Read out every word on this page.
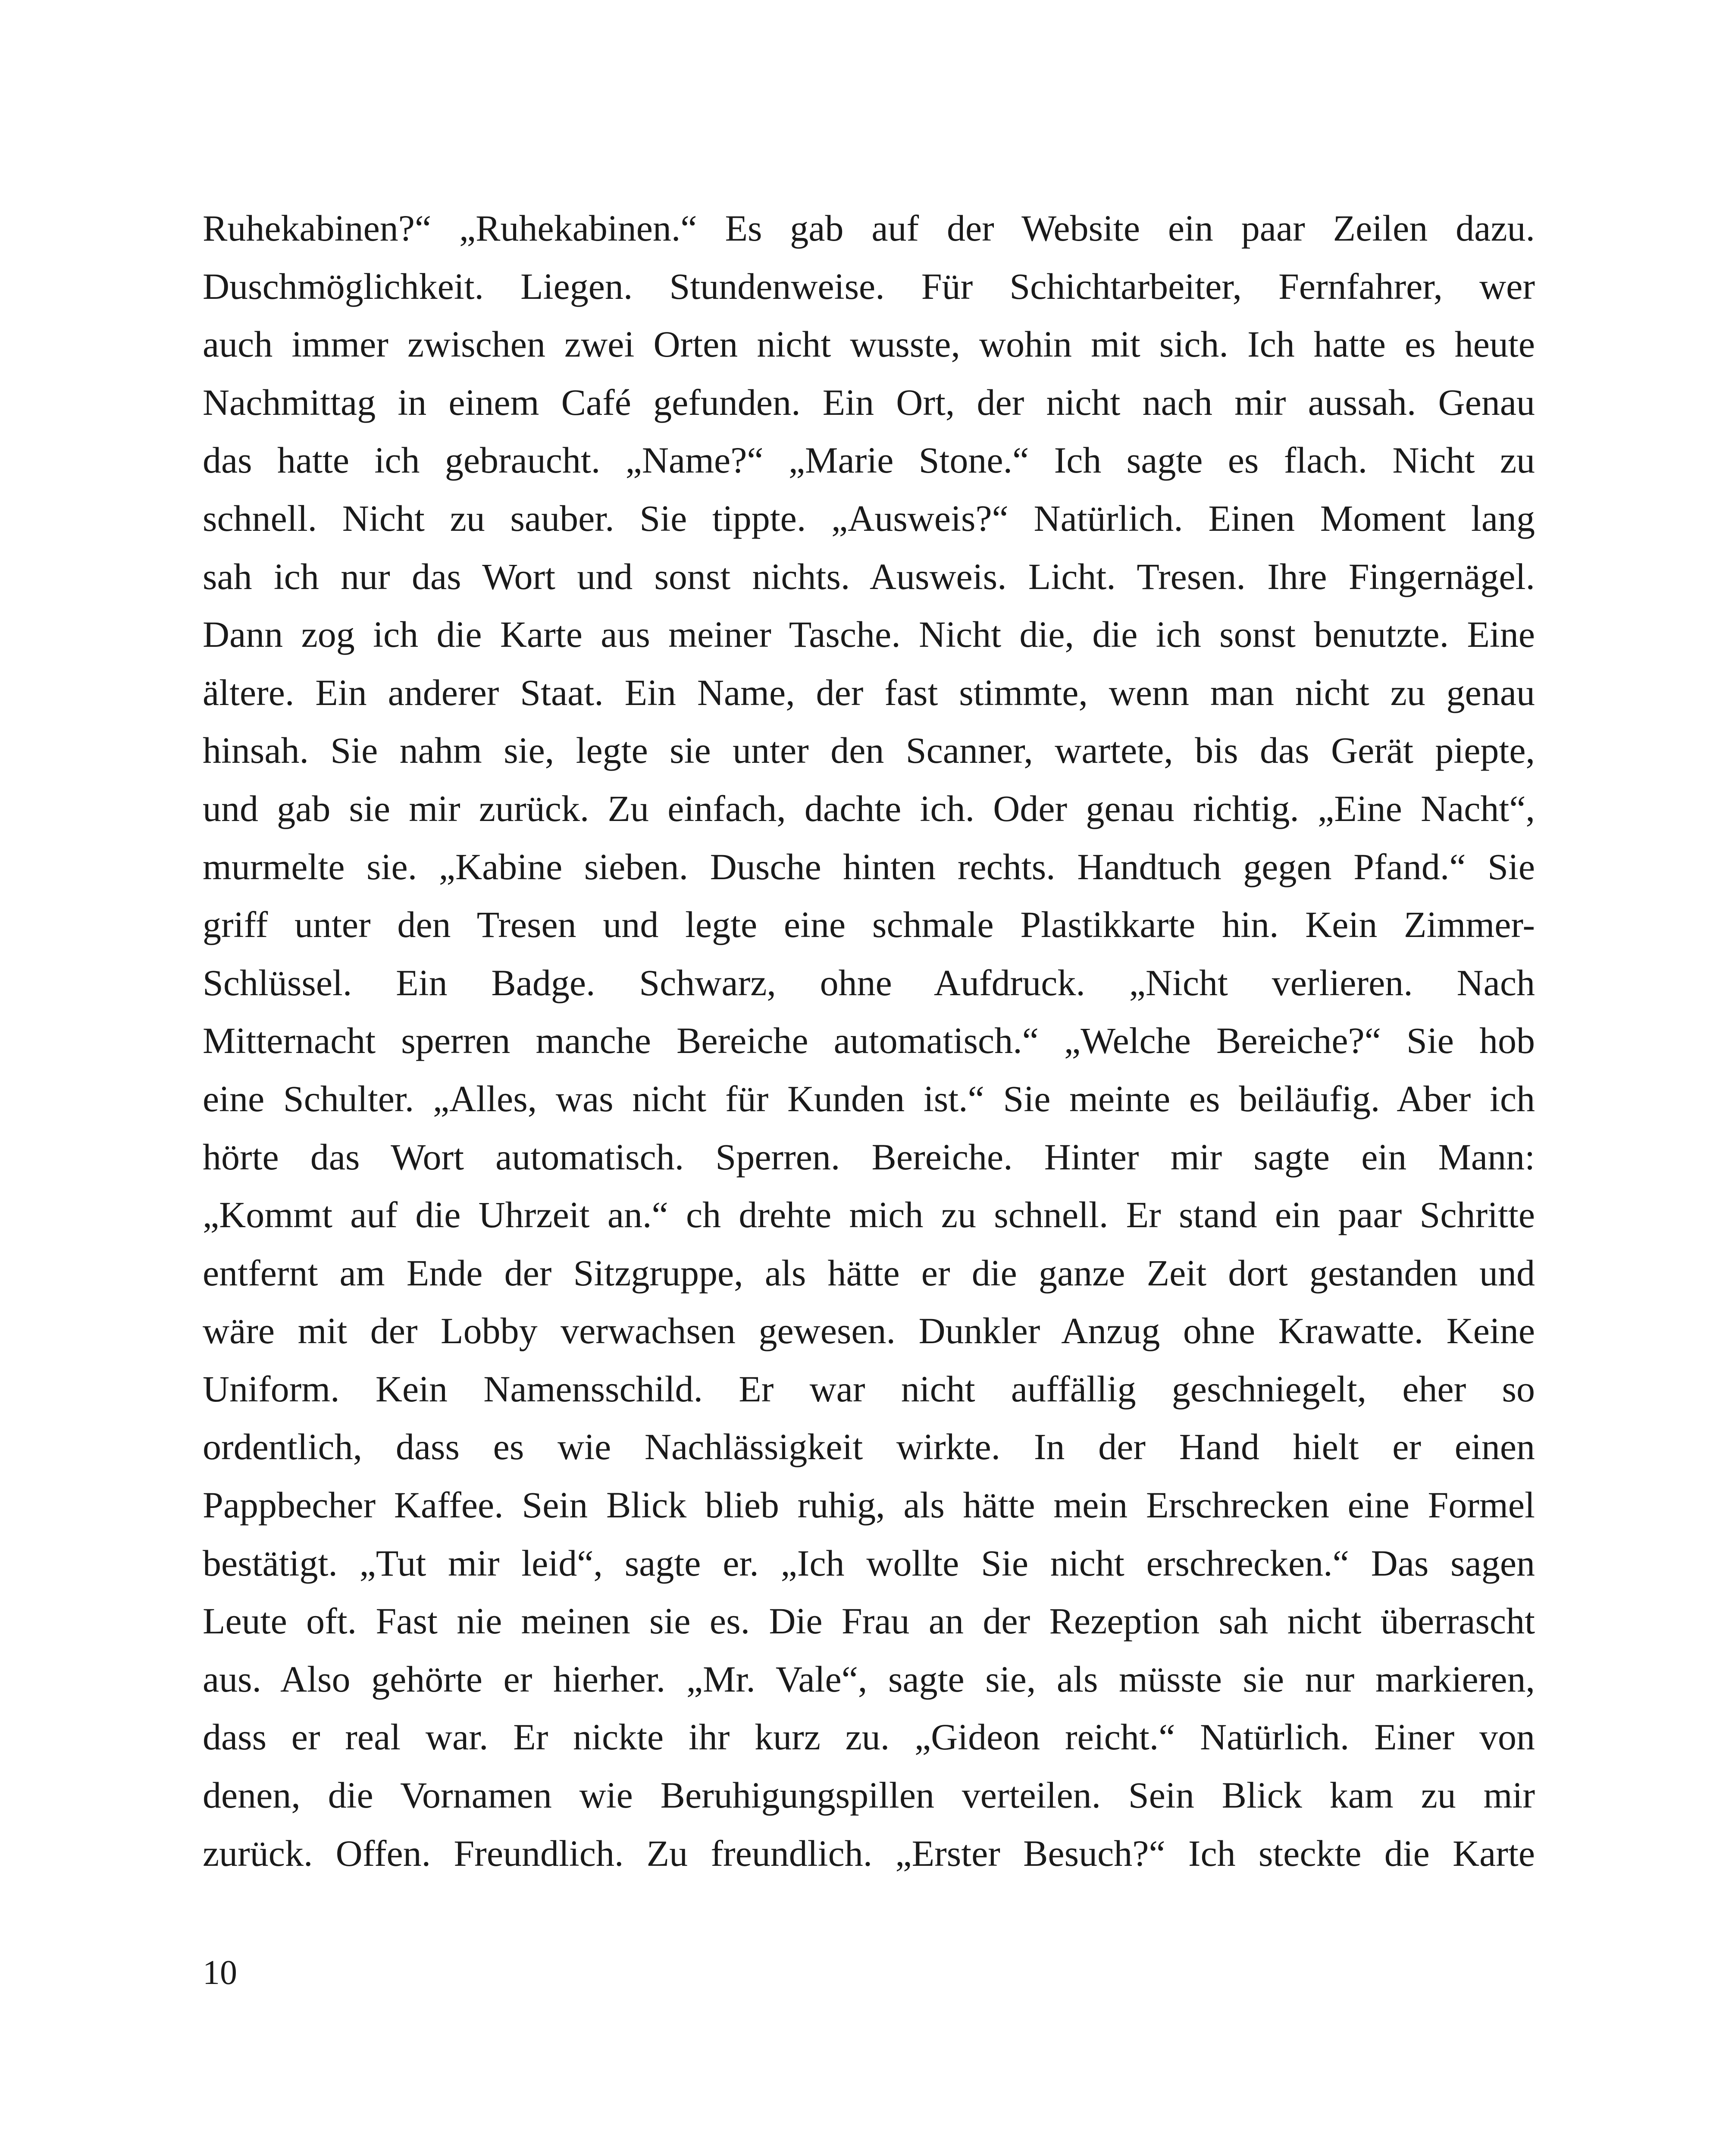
Ruhekabinen?“ „Ruhekabinen.“ Es gab auf der Website ein paar Zeilen dazu.
Duschmöglichkeit. Liegen. Stundenweise. Für Schichtarbeiter, Fernfahrer, wer
auch immer zwischen zwei Orten nicht wusste, wohin mit sich. Ich hatte es heute
Nachmittag in einem Café gefunden. Ein Ort, der nicht nach mir aussah. Genau
das hatte ich gebraucht. „Name?“ „Marie Stone.“ Ich sagte es flach. Nicht zu
schnell. Nicht zu sauber. Sie tippte. „Ausweis?“ Natürlich. Einen Moment lang
sah ich nur das Wort und sonst nichts. Ausweis. Licht. Tresen. Ihre Fingernägel.
Dann zog ich die Karte aus meiner Tasche. Nicht die, die ich sonst benutzte. Eine
ältere. Ein anderer Staat. Ein Name, der fast stimmte, wenn man nicht zu genau
hinsah. Sie nahm sie, legte sie unter den Scanner, wartete, bis das Gerät piepte,
und gab sie mir zurück. Zu einfach, dachte ich. Oder genau richtig. „Eine Nacht“,
murmelte sie. „Kabine sieben. Dusche hinten rechts. Handtuch gegen Pfand.“ Sie
griff unter den Tresen und legte eine schmale Plastikkarte hin. Kein Zimmer-
Schlüssel. Ein Badge. Schwarz, ohne Aufdruck. „Nicht verlieren. Nach
Mitternacht sperren manche Bereiche automatisch.“ „Welche Bereiche?“ Sie hob
eine Schulter. „Alles, was nicht für Kunden ist.“ Sie meinte es beiläufig. Aber ich
hörte das Wort automatisch. Sperren. Bereiche. Hinter mir sagte ein Mann:
„Kommt auf die Uhrzeit an.“ ch drehte mich zu schnell. Er stand ein paar Schritte
entfernt am Ende der Sitzgruppe, als hätte er die ganze Zeit dort gestanden und
wäre mit der Lobby verwachsen gewesen. Dunkler Anzug ohne Krawatte. Keine
Uniform. Kein Namensschild. Er war nicht auffällig geschniegelt, eher so
ordentlich, dass es wie Nachlässigkeit wirkte. In der Hand hielt er einen
Pappbecher Kaffee. Sein Blick blieb ruhig, als hätte mein Erschrecken eine Formel
bestätigt. „Tut mir leid“, sagte er. „Ich wollte Sie nicht erschrecken.“ Das sagen
Leute oft. Fast nie meinen sie es. Die Frau an der Rezeption sah nicht überrascht
aus. Also gehörte er hierher. „Mr. Vale“, sagte sie, als müsste sie nur markieren,
dass er real war. Er nickte ihr kurz zu. „Gideon reicht.“ Natürlich. Einer von
denen, die Vornamen wie Beruhigungspillen verteilen. Sein Blick kam zu mir
zurück. Offen. Freundlich. Zu freundlich. „Erster Besuch?“ Ich steckte die Karte
10
